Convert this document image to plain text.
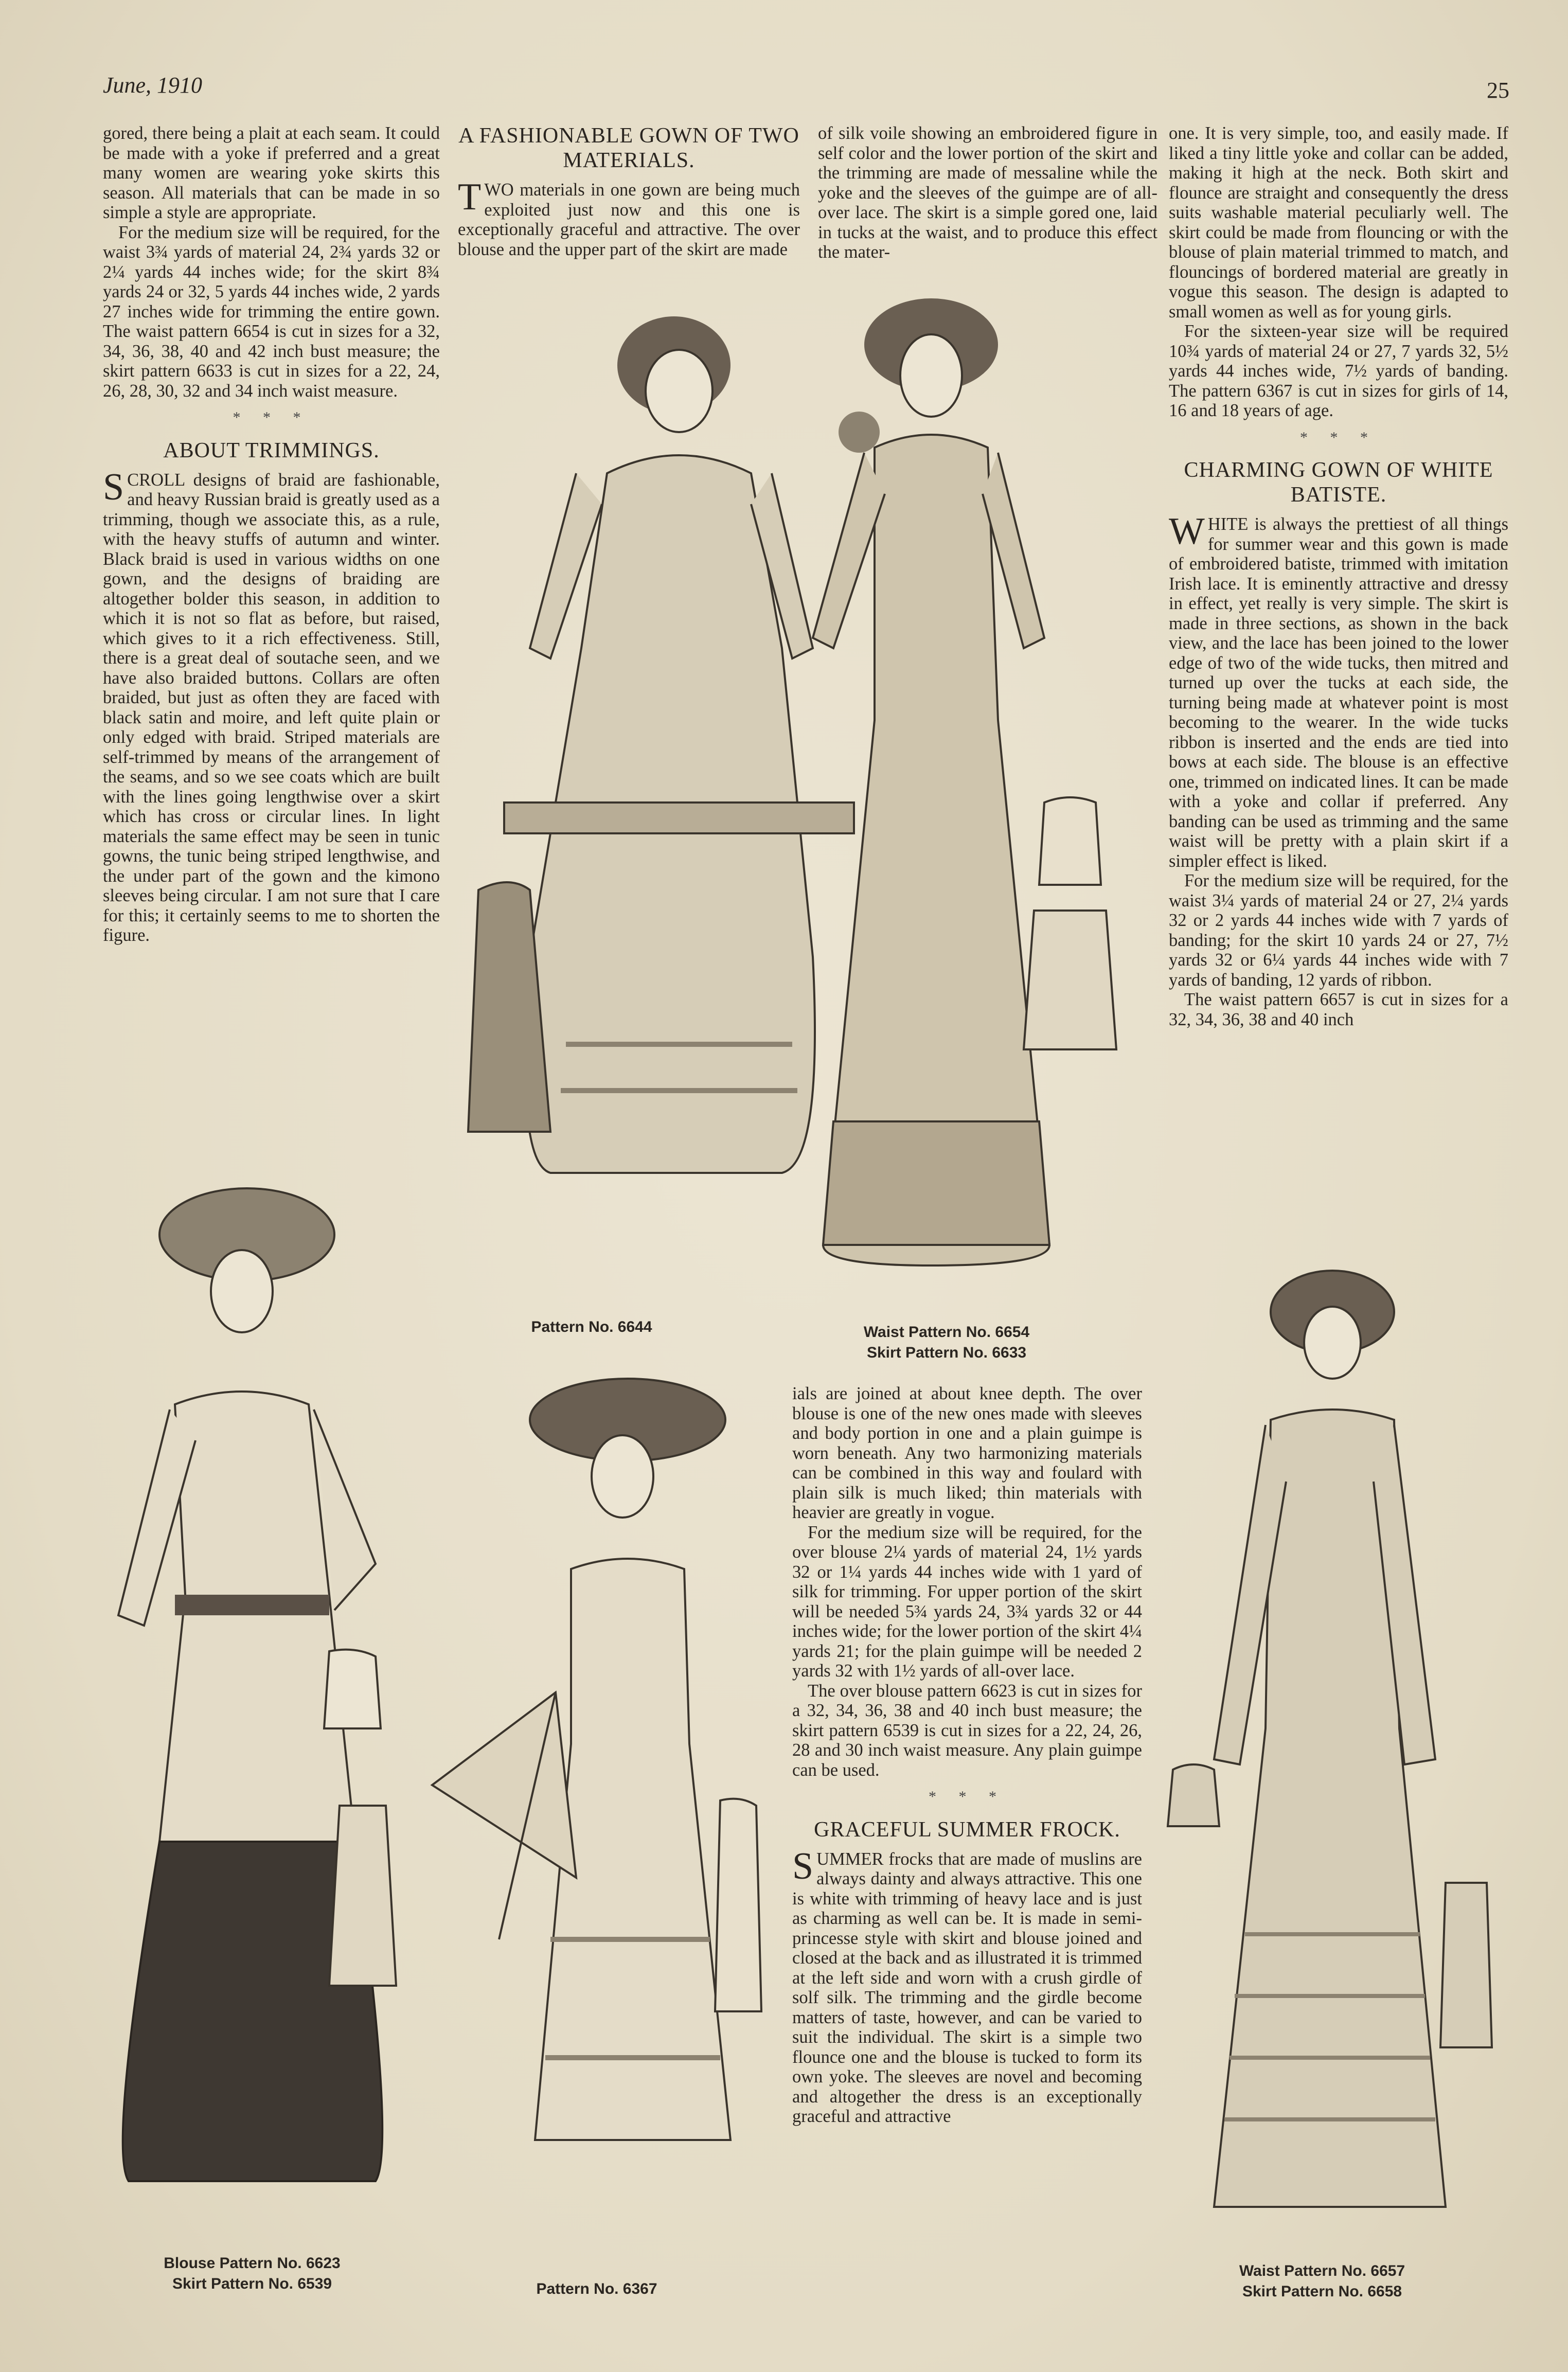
June, 1910	25

gored, there being a plait at each seam. It could be made with a yoke if preferred and a great many women are wearing yoke skirts this season. All materials that can be made in so simple a style are appropriate.

For the medium size will be required, for the waist 3¾ yards of material 24, 2¾ yards 32 or 2¼ yards 44 inches wide; for the skirt 8¾ yards 24 or 32, 5 yards 44 inches wide, 2 yards 27 inches wide for trimming the entire gown. The waist pattern 6654 is cut in sizes for a 32, 34, 36, 38, 40 and 42 inch bust measure; the skirt pattern 6633 is cut in sizes for a 22, 24, 26, 28, 30, 32 and 34 inch waist measure.

* * *
ABOUT TRIMMINGS.

SCROLL designs of braid are fashionable, and heavy Russian braid is greatly used as a trimming, though we associate this, as a rule, with the heavy stuffs of autumn and winter. Black braid is used in various widths on one gown, and the designs of braiding are altogether bolder this season, in addition to which it is not so flat as before, but raised, which gives to it a rich effectiveness. Still, there is a great deal of soutache seen, and we have also braided buttons. Collars are often braided, but just as often they are faced with black satin and moire, and left quite plain or only edged with braid. Striped materials are self-trimmed by means of the arrangement of the seams, and so we see coats which are built with the lines going lengthwise over a skirt which has cross or circular lines. In light materials the same effect may be seen in tunic gowns, the tunic being striped lengthwise, and the under part of the gown and the kimono sleeves being circular. I am not sure that I care for this; it certainly seems to me to shorten the figure.

A FASHIONABLE GOWN OF TWO MATERIALS.

TWO materials in one gown are being much exploited just now and this one is exceptionally graceful and attractive. The over blouse and the upper part of the skirt are made

of silk voile showing an embroidered figure in self color and the lower portion of the skirt and the trimming are made of messaline while the yoke and the sleeves of the guimpe are of all-over lace. The skirt is a simple gored one, laid in tucks at the waist, and to produce this effect the mater-

one. It is very simple, too, and easily made. If liked a tiny little yoke and collar can be added, making it high at the neck. Both skirt and flounce are straight and consequently the dress suits washable material peculiarly well. The skirt could be made from flouncing or with the blouse of plain material trimmed to match, and flouncings of bordered material are greatly in vogue this season. The design is adapted to small women as well as for young girls.

For the sixteen-year size will be required 10¾ yards of material 24 or 27, 7 yards 32, 5½ yards 44 inches wide, 7½ yards of banding. The pattern 6367 is cut in sizes for girls of 14, 16 and 18 years of age.

* * *
CHARMING GOWN OF WHITE BATISTE.

WHITE is always the prettiest of all things for summer wear and this gown is made of embroidered batiste, trimmed with imitation Irish lace. It is eminently attractive and dressy in effect, yet really is very simple. The skirt is made in three sections, as shown in the back view, and the lace has been joined to the lower edge of two of the wide tucks, then mitred and turned up over the tucks at each side, the turning being made at whatever point is most becoming to the wearer. In the wide tucks ribbon is inserted and the ends are tied into bows at each side. The blouse is an effective one, trimmed on indicated lines. It can be made with a yoke and collar if preferred. Any banding can be used as trimming and the same waist will be pretty with a plain skirt if a simpler effect is liked.

For the medium size will be required, for the waist 3¼ yards of material 24 or 27, 2¼ yards 32 or 2 yards 44 inches wide with 7 yards of banding; for the skirt 10 yards 24 or 27, 7½ yards 32 or 6¼ yards 44 inches wide with 7 yards of banding, 12 yards of ribbon.

The waist pattern 6657 is cut in sizes for a 32, 34, 36, 38 and 40 inch

ials are joined at about knee depth. The over blouse is one of the new ones made with sleeves and body portion in one and a plain guimpe is worn beneath. Any two harmonizing materials can be combined in this way and foulard with plain silk is much liked; thin materials with heavier are greatly in vogue.

For the medium size will be required, for the over blouse 2¼ yards of material 24, 1½ yards 32 or 1¼ yards 44 inches wide with 1 yard of silk for trimming. For upper portion of the skirt will be needed 5¾ yards 24, 3¾ yards 32 or 44 inches wide; for the lower portion of the skirt 4¼ yards 21; for the plain guimpe will be needed 2 yards 32 with 1½ yards of all-over lace.

The over blouse pattern 6623 is cut in sizes for a 32, 34, 36, 38 and 40 inch bust measure; the skirt pattern 6539 is cut in sizes for a 22, 24, 26, 28 and 30 inch waist measure. Any plain guimpe can be used.

* * *
GRACEFUL SUMMER FROCK.

SUMMER frocks that are made of muslins are always dainty and always attractive. This one is white with trimming of heavy lace and is just as charming as well can be. It is made in semi-princesse style with skirt and blouse joined and closed at the back and as illustrated it is trimmed at the left side and worn with a crush girdle of solf silk. The trimming and the girdle become matters of taste, however, and can be varied to suit the individual. The skirt is a simple two flounce one and the blouse is tucked to form its own yoke. The sleeves are novel and becoming and altogether the dress is an exceptionally graceful and attractive

Pattern No. 6644	Waist Pattern No. 6654
Skirt Pattern No. 6633
Blouse Pattern No. 6623
Skirt Pattern No. 6539	Pattern No. 6367
Waist Pattern No. 6657
Skirt Pattern No. 6658
